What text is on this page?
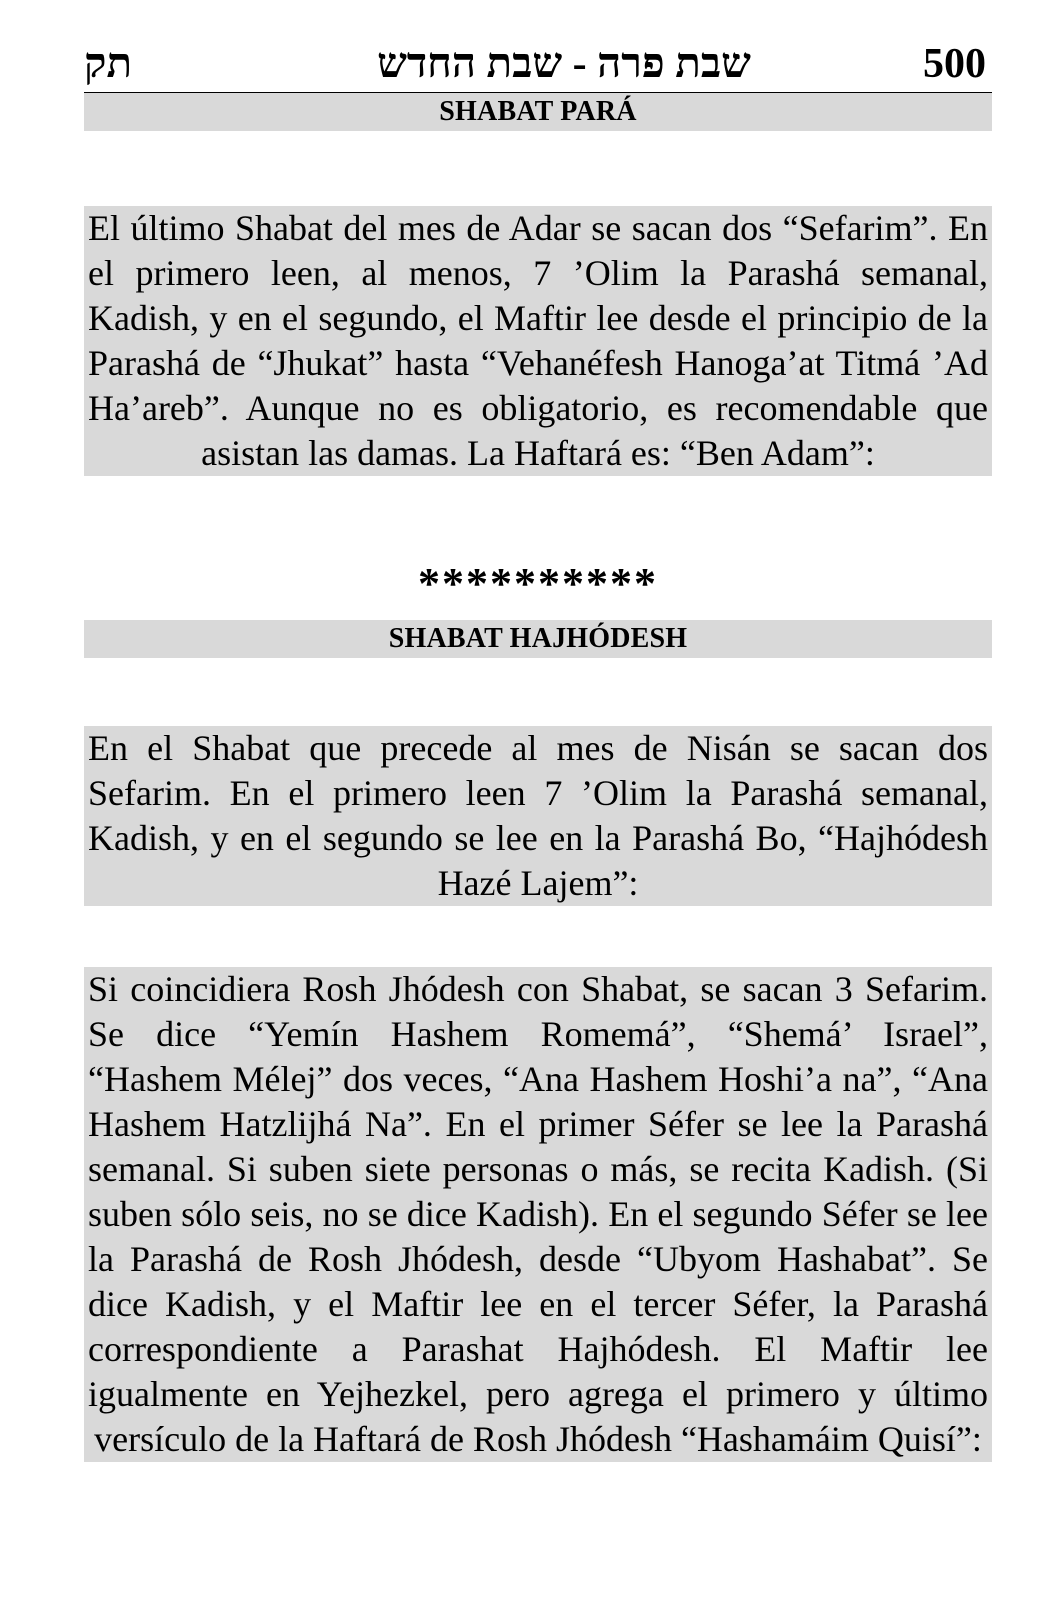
תק	שבת פרה - שבת החדש	500
SHABAT PARÁ
El último Shabat del mes de Adar se sacan dos “Sefarim”. En el primero leen, al menos, 7 ’Olim la Parashá semanal, Kadish, y en el segundo, el Maftir lee desde el principio de la Parashá de “Jhukat” hasta “Vehanéfesh Hanoga’at Titmá ’Ad Ha’areb”. Aunque no es obligatorio, es recomendable que asistan las damas. La Haftará es: “Ben Adam”:
**********
SHABAT HAJHÓDESH
En el Shabat que precede al mes de Nisán se sacan dos Sefarim. En el primero leen 7 ’Olim la Parashá semanal, Kadish, y en el segundo se lee en la Parashá Bo, “Hajhódesh Hazé Lajem”:
Si coincidiera Rosh Jhódesh con Shabat, se sacan 3 Sefarim. Se dice “Yemín Hashem Romemá”, “Shemá’ Israel”, “Hashem Mélej” dos veces, “Ana Hashem Hoshi’a na”, “Ana Hashem Hatzlijhá Na”. En el primer Séfer se lee la Parashá semanal. Si suben siete personas o más, se recita Kadish. (Si suben sólo seis, no se dice Kadish). En el segundo Séfer se lee la Parashá de Rosh Jhódesh, desde “Ubyom Hashabat”. Se dice Kadish, y el Maftir lee en el tercer Séfer, la Parashá correspondiente a Parashat Hajhódesh. El Maftir lee igualmente en Yejhezkel, pero agrega el primero y último versículo de la Haftará de Rosh Jhódesh “Hashamáim Quisí”:
